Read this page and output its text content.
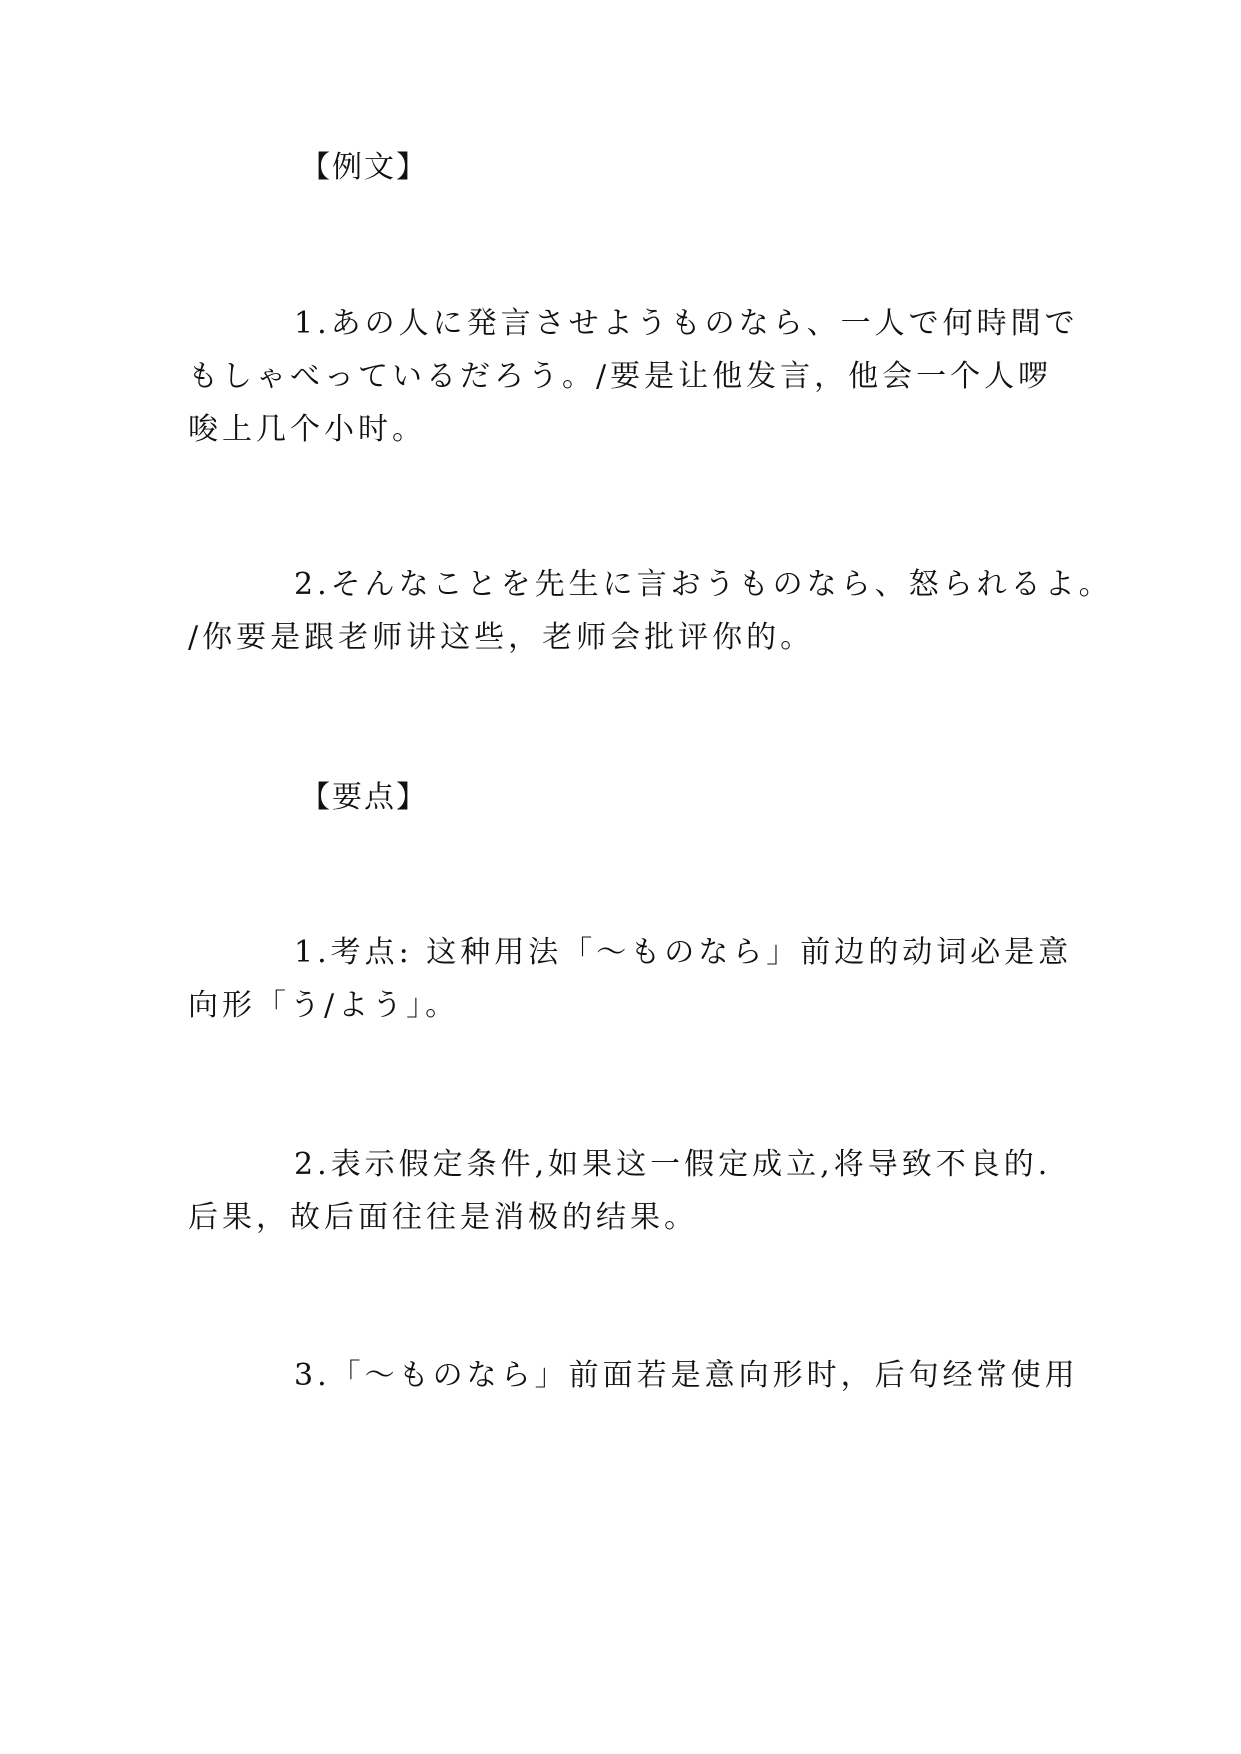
【例文】
1.あの人に発言させようものなら、一人で何時間で
もしゃべっているだろう。/要是让他发言，他会一个人啰
唆上几个小时。
2.そんなことを先生に言おうものなら、怒られるよ。
/你要是跟老师讲这些，老师会批评你的。
【要点】
1.考点: 这种用法「～ものなら」前边的动词必是意
向形「う/よう」。
2.表示假定条件,如果这一假定成立,将导致不良的.
后果，故后面往往是消极的结果。
3.「～ものなら」前面若是意向形时，后句经常使用
